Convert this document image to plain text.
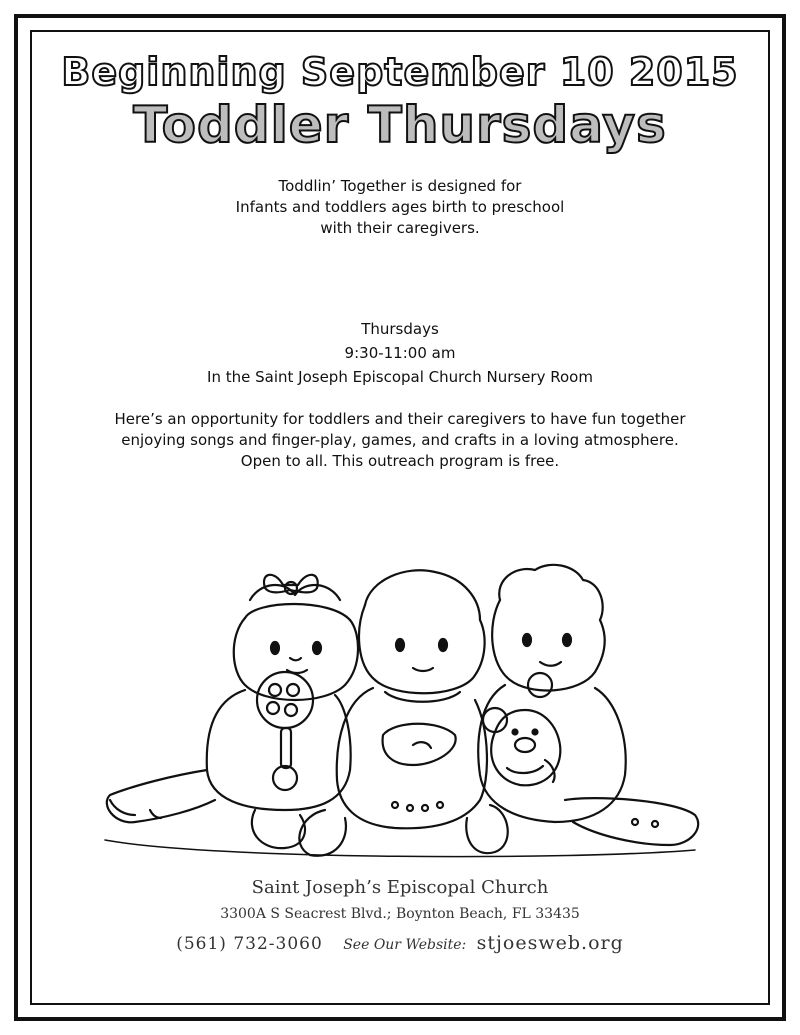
Beginning September 10 2015
Toddler Thursdays
Toddlin’ Together is designed for
Infants and toddlers ages birth to preschool
with their caregivers.
Thursdays
9:30-11:00 am
In the Saint Joseph Episcopal Church Nursery Room
Here’s an opportunity for toddlers and their caregivers to have fun together
enjoying songs and finger-play, games, and crafts in a loving atmosphere.
Open to all. This outreach program is free.
Saint Joseph’s Episcopal Church
3300A S Seacrest Blvd.; Boynton Beach, FL 33435
(561) 732-3060 See Our Website: stjoesweb.org
